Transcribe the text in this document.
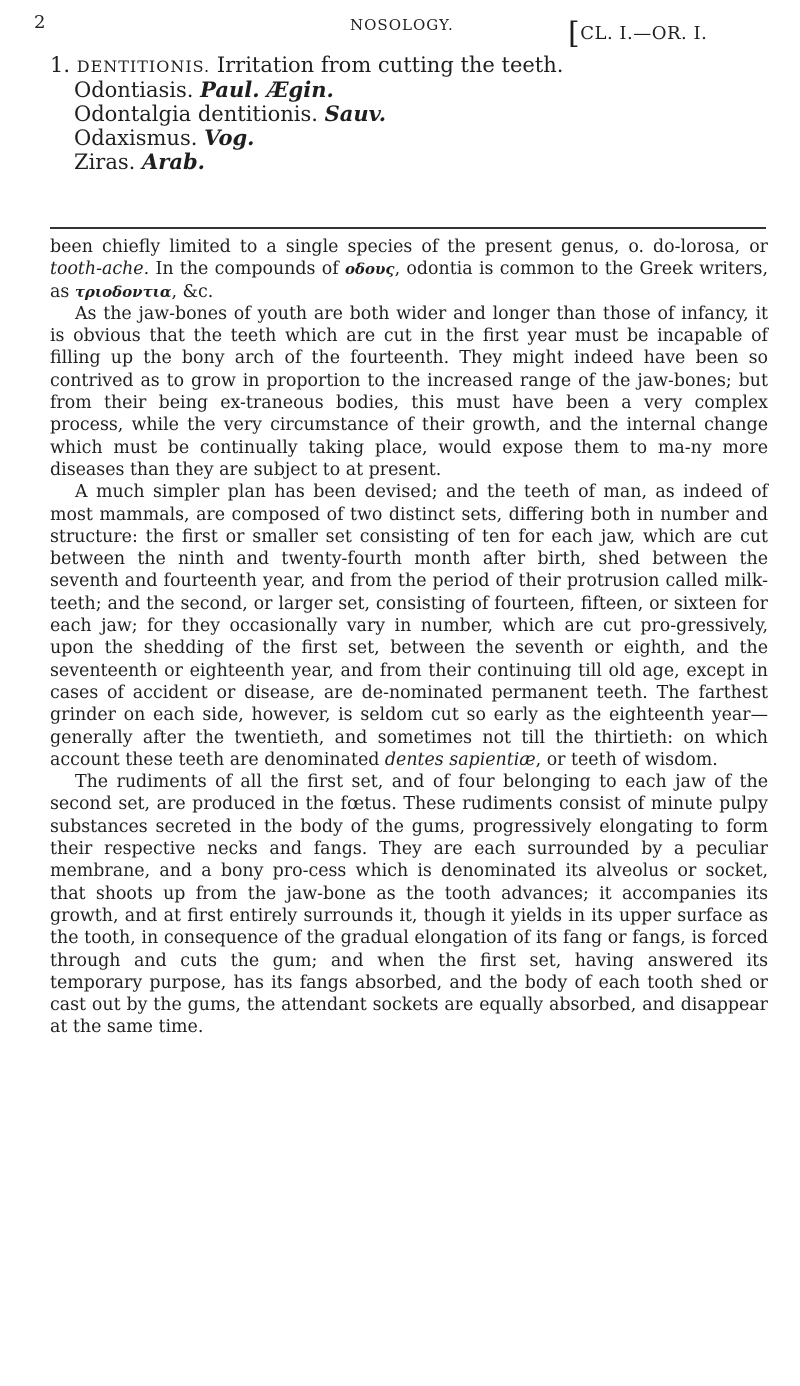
2	NOSOLOGY.	[CL. I.—OR. I.
1. DENTITIONIS. Irritation from cutting the teeth.
Odontiasis. Paul. Ægin.
Odontalgia dentitionis. Sauv.
Odaxismus. Vog.
Ziras. Arab.

been chiefly limited to a single species of the present genus, o. do-lorosa, or tooth-ache. In the compounds of οδους, odontia is common to the Greek writers, as τριοδοντια, &c.

As the jaw-bones of youth are both wider and longer than those of infancy, it is obvious that the teeth which are cut in the first year must be incapable of filling up the bony arch of the fourteenth. They might indeed have been so contrived as to grow in proportion to the increased range of the jaw-bones; but from their being ex-traneous bodies, this must have been a very complex process, while the very circumstance of their growth, and the internal change which must be continually taking place, would expose them to ma-ny more diseases than they are subject to at present.

A much simpler plan has been devised; and the teeth of man, as indeed of most mammals, are composed of two distinct sets, differing both in number and structure: the first or smaller set consisting of ten for each jaw, which are cut between the ninth and twenty-fourth month after birth, shed between the seventh and fourteenth year, and from the period of their protrusion called milk-teeth; and the second, or larger set, consisting of fourteen, fifteen, or sixteen for each jaw; for they occasionally vary in number, which are cut pro-gressively, upon the shedding of the first set, between the seventh or eighth, and the seventeenth or eighteenth year, and from their continuing till old age, except in cases of accident or disease, are de-nominated permanent teeth. The farthest grinder on each side, however, is seldom cut so early as the eighteenth year—generally after the twentieth, and sometimes not till the thirtieth: on which account these teeth are denominated dentes sapientiæ, or teeth of wisdom.

The rudiments of all the first set, and of four belonging to each jaw of the second set, are produced in the fœtus. These rudiments consist of minute pulpy substances secreted in the body of the gums, progressively elongating to form their respective necks and fangs. They are each surrounded by a peculiar membrane, and a bony pro-cess which is denominated its alveolus or socket, that shoots up from the jaw-bone as the tooth advances; it accompanies its growth, and at first entirely surrounds it, though it yields in its upper surface as the tooth, in consequence of the gradual elongation of its fang or fangs, is forced through and cuts the gum; and when the first set, having answered its temporary purpose, has its fangs absorbed, and the body of each tooth shed or cast out by the gums, the attendant sockets are equally absorbed, and disappear at the same time.
